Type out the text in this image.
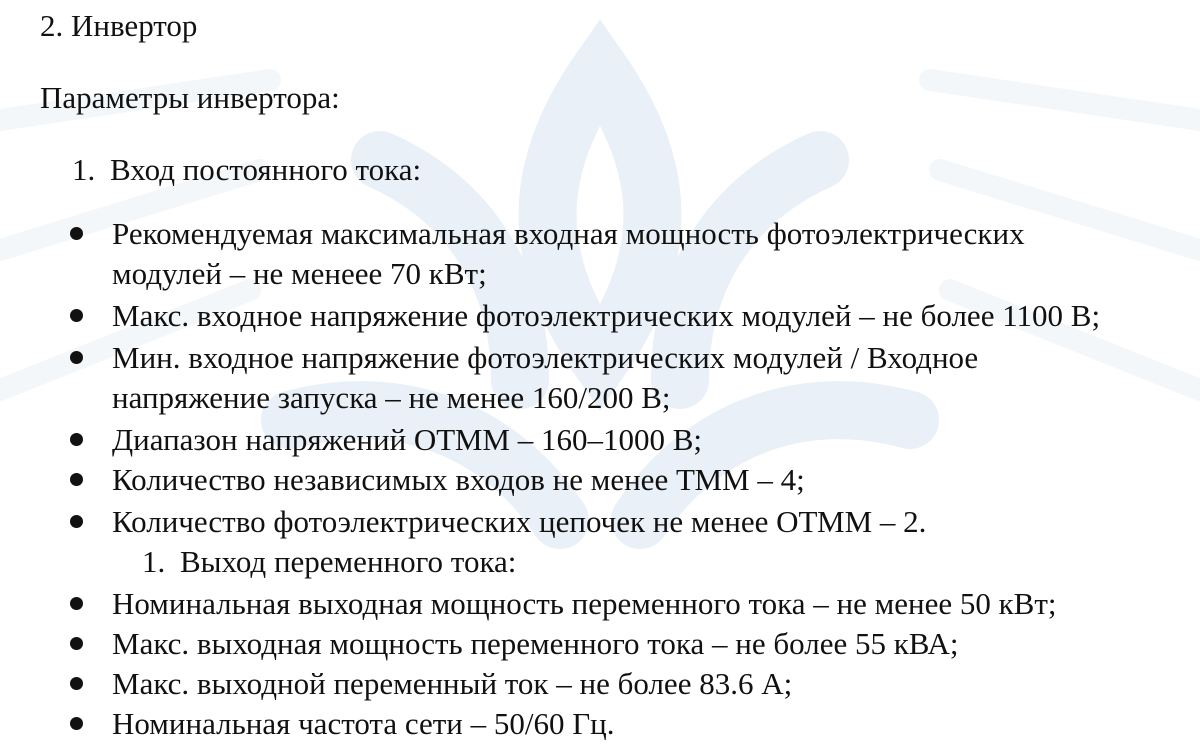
2. Инвертор
Параметры инвертора:
1. Вход постоянного тока:
Рекомендуемая максимальная входная мощность фотоэлектрических
модулей – не менеее 70 кВт;
Макс. входное напряжение фотоэлектрических модулей – не более 1100 В;
Мин. входное напряжение фотоэлектрических модулей / Входное
напряжение запуска – не менее 160/200 В;
Диапазон напряжений ОТММ – 160–1000 В;
Количество независимых входов не менее ТММ – 4;
Количество фотоэлектрических цепочек не менее ОТММ – 2.
1. Выход переменного тока:
Номинальная выходная мощность переменного тока – не менее 50 кВт;
Макс. выходная мощность переменного тока – не более 55 кВА;
Макс. выходной переменный ток – не более 83.6 А;
Номинальная частота сети – 50/60 Гц.
